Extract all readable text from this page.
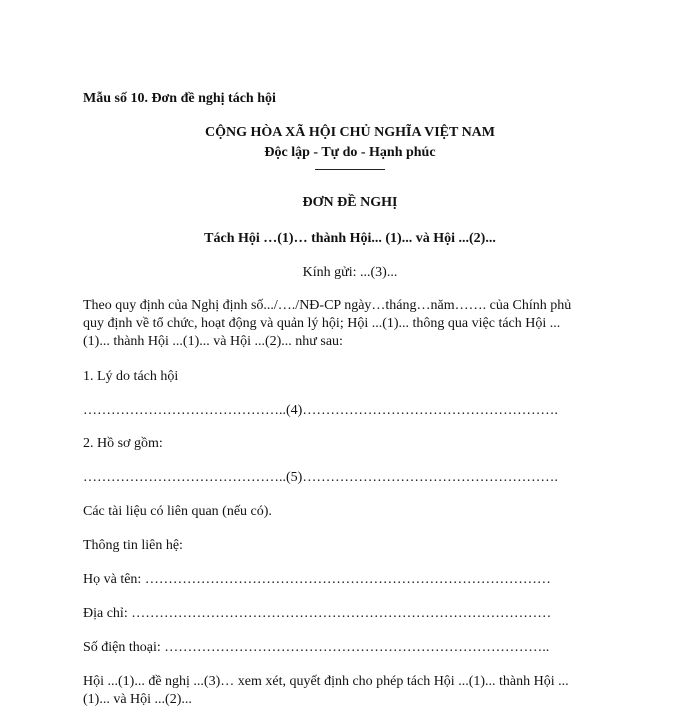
Mẫu số 10. Đơn đề nghị tách hội
CỘNG HÒA XÃ HỘI CHỦ NGHĨA VIỆT NAM
Độc lập - Tự do - Hạnh phúc
ĐƠN ĐỀ NGHỊ
Tách Hội …(1)… thành Hội... (1)... và Hội ...(2)...
Kính gửi: ...(3)...
Theo quy định của Nghị định số.../…./NĐ-CP ngày…tháng…năm……. của Chính phủ
quy định về tổ chức, hoạt động và quản lý hội; Hội ...(1)... thông qua việc tách Hội ...
(1)... thành Hội ...(1)... và Hội ...(2)... như sau:
1. Lý do tách hội
……………………………………..(4)……………………………………………….
2. Hồ sơ gồm:
……………………………………..(5)……………………………………………….
Các tài liệu có liên quan (nếu có).
Thông tin liên hệ:
Họ và tên: ……………………………………………………………………………
Địa chỉ: ………………………………………………………………………………
Số điện thoại: ………………………………………………………………………..
Hội ...(1)... đề nghị ...(3)… xem xét, quyết định cho phép tách Hội ...(1)... thành Hội ...
(1)... và Hội ...(2)...
